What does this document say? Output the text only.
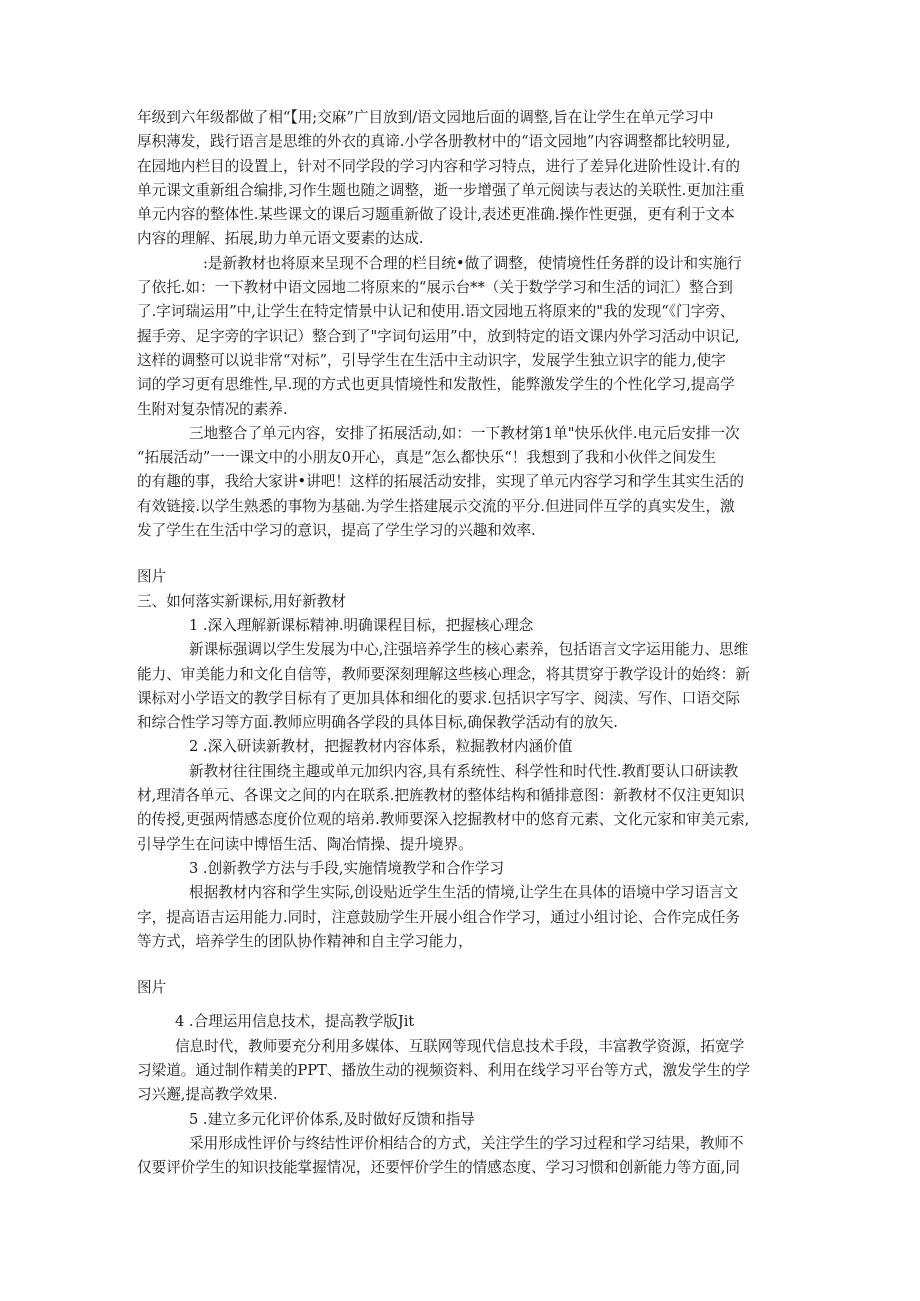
年级到六年级都做了相“【用;交麻”广目放到/语文园地后面的调整,旨在让学生在单元学习中
厚积薄发，践行语言是思维的外衣的真谛.小学各册教材中的“语文园地”内容调整都比较明显,
在园地内栏目的设置上，针对不同学段的学习内容和学习特点，进行了差异化进阶性设计.有的
单元课文重新组合编排,习作生题也随之调整，逝一步增强了单元阅读与表达的关联性.更加注重
单元内容的整体性.某些课文的课后习题重新做了设计,表述更准确.操作性更强，更有利于文本
内容的理解、拓展,助力单元语文要素的达成.
:是新教材也将原来呈现不合理的栏目统•做了调整，使情境性任务群的设计和实施行
了依托.如：一下教材中语文园地二将原来的“展示台**（关于数学学习和生活的词汇）整合到
了.字诃瑞运用”中,让学生在特定情景中认记和使用.语文园地五将原来的"我的发现“《门字旁、
握手旁、足字旁的字识记）整合到了"字词句运用”中，放到特定的语文课内外学习活动中识记,
这样的调整可以说非常“对标”，引导学生在生活中主动识字，发展学生独立识字的能力,使字
词的学习更有思维性,早.现的方式也更具情境性和发散性，能弊激发学生的个性化学习,提高学
生附对复杂情况的素养.
三地整合了单元内容，安排了拓展活动,如：一下教材第1单"快乐伙伴.电元后安排一次
“拓展活动”一一课文中的小朋友0开心，真是“怎么都快乐“！我想到了我和小伙伴之间发生
的有趣的事，我给大家讲•讲吧！这样的拓展活动安排，实现了单元内容学习和学生其实生活的
有效链接.以学生熟悉的事物为基础.为学生搭建展示交流的平分.但进同伴互学的真实发生，激
发了学生在生活中学习的意识，提高了学生学习的兴趣和效率.
图片
三、如何落实新课标,用好新教材
1 .深入理解新课标精神.明确课程目标，把握核心理念
新课标强调以学生发展为中心,注强培养学生的核心素养，包括语言文字运用能力、思维
能力、审美能力和文化自信等，教师要深刻理解这些核心理念，将其贯穿于教学设计的始终：新
课标对小学语文的教学目标有了更加具体和细化的要求.包括识字写字、阅渎、写作、口语交际
和综合性学习等方面.教师应明确各学段的具体目标,确保教学活动有的放矢.
2 .深入研读新教材，把握教材内容体系，粒掘教材内涵价值
新教材往往围绕主趣或单元加织内容,具有系统性、科学性和时代性.教酊要认口研读教
材,理清各单元、各课文之间的内在联系.把旌教材的整体结构和循排意图：新教材不仅注更知识
的传授,更强两情感态度价位观的培弟.教师要深入挖掘教材中的悠育元素、文化元家和审美元索,
引导学生在问读中博悟生活、陶冶情操、提升境界。
3 .创新教学方法与手段,实施情境教学和合作学习
根据教材内容和学生实际,创设贴近学生生活的情境,让学生在具体的语境中学习语言文
字，提高语吉运用能力.同时，注意鼓励学生开展小组合作学习，通过小组讨论、合作完成任务
等方式，培养学生的团队协作精神和自主学习能力，
图片
4 .合理运用信息技术，提高教学版Jit
信息时代，教师要充分利用多媒体、互联网等现代信息技术手段，丰富教学资源，拓宽学
习梁道。通过制作精美的PPT、播放生动的视频资料、利用在线学习平台等方式，激发学生的学
习兴邂,提高教学效果.
5 .建立多元化评价体系,及时做好反馈和指导
采用形成性评价与终结性评价相结合的方式，关注学生的学习过程和学习结果，教师不
仅要评价学生的知识技能掌握情况，还要怦价学生的情感态度、学习习惯和创新能力等方面,同
